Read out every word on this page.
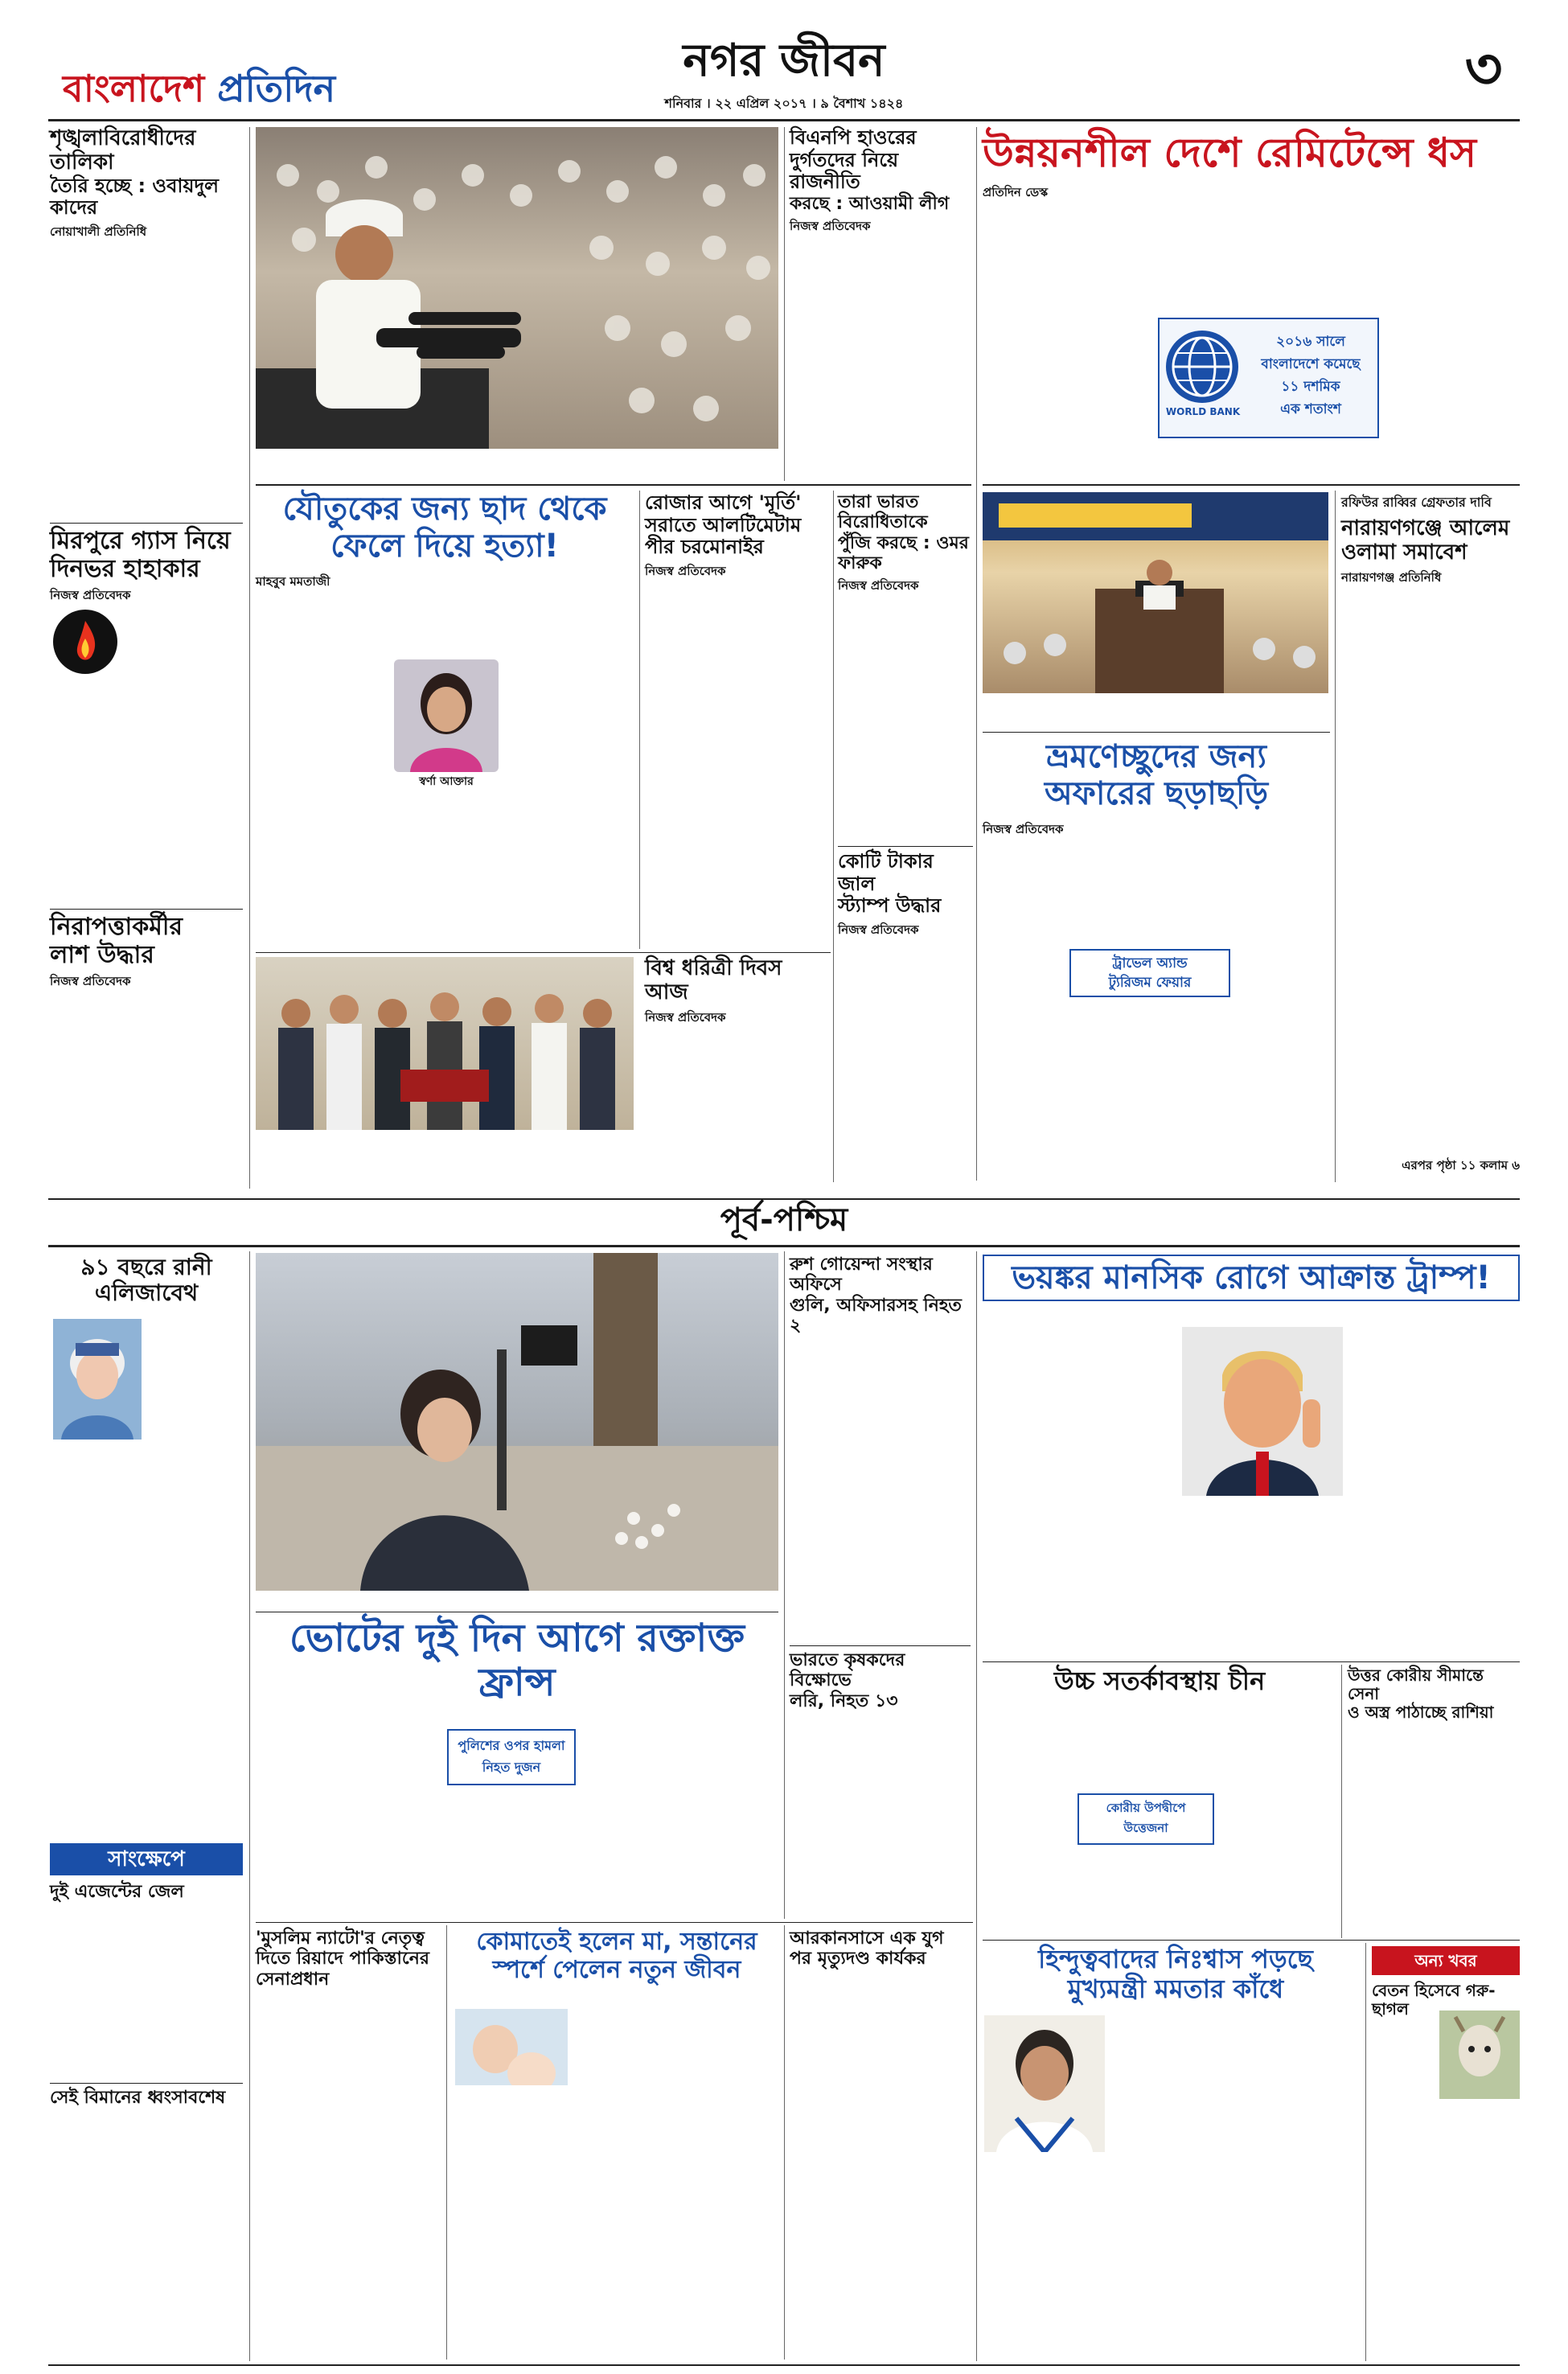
বাংলাদেশ প্রতিদিন
নগর জীবন
শনিবার । ২২ এপ্রিল ২০১৭ । ৯ বৈশাখ ১৪২৪
৩
শৃঙ্খলাবিরোধীদের তালিকা
তৈরি হচ্ছে : ওবায়দুল কাদের
নোয়াখালী প্রতিনিধি
মিরপুরে গ্যাস নিয়ে
দিনভর হাহাকার
নিজস্ব প্রতিবেদক
নিরাপত্তাকর্মীর
লাশ উদ্ধার
নিজস্ব প্রতিবেদক
বিএনপি হাওরের
দুর্গতদের নিয়ে রাজনীতি
করছে : আওয়ামী লীগ
নিজস্ব প্রতিবেদক
উন্নয়নশীল দেশে রেমিটেন্সে ধস
প্রতিদিন ডেস্ক
WORLD BANK
২০১৬ সালে
বাংলাদেশে কমেছে
১১ দশমিক
এক শতাংশ
যৌতুকের জন্য ছাদ থেকে
ফেলে দিয়ে হত্যা!
মাহবুব মমতাজী
স্বর্ণা আক্তার
রোজার আগে 'মূর্তি'
সরাতে আলটিমেটাম
পীর চরমোনাইর
নিজস্ব প্রতিবেদক
তারা ভারত বিরোধিতাকে
পুঁজি করছে : ওমর ফারুক
নিজস্ব প্রতিবেদক
কোটি টাকার জাল
স্ট্যাম্প উদ্ধার
নিজস্ব প্রতিবেদক
রফিউর রাব্বির গ্রেফতার দাবি
নারায়ণগঞ্জে আলেম
ওলামা সমাবেশ
নারায়ণগঞ্জ প্রতিনিধি
এরপর পৃষ্ঠা ১১ কলাম ৬
ভ্রমণেচ্ছুদের জন্য
অফারের ছড়াছড়ি
নিজস্ব প্রতিবেদক
ট্রাভেল অ্যান্ড
ট্যুরিজম ফেয়ার
বিশ্ব ধরিত্রী দিবস আজ
নিজস্ব প্রতিবেদক
পূর্ব-পশ্চিম
৯১ বছরে রানী
এলিজাবেথ
সাংক্ষেপে
দুই এজেন্টের জেল
সেই বিমানের ধ্বংসাবশেষ
ভোটের দুই দিন আগে রক্তাক্ত ফ্রান্স
পুলিশের ওপর হামলা নিহত দুজন
রুশ গোয়েন্দা সংস্থার অফিসে
গুলি, অফিসারসহ নিহত ২
ভারতে কৃষকদের বিক্ষোভে
লরি, নিহত ১৩
ভয়ঙ্কর মানসিক রোগে আক্রান্ত ট্রাম্প!
উচ্চ সতর্কাবস্থায় চীন
কোরীয় উপদ্বীপে উত্তেজনা
উত্তর কোরীয় সীমান্তে সেনা
ও অস্ত্র পাঠাচ্ছে রাশিয়া
'মুসলিম ন্যাটো'র নেতৃত্ব
দিতে রিয়াদে পাকিস্তানের
সেনাপ্রধান
কোমাতেই হলেন মা, সন্তানের
স্পর্শে পেলেন নতুন জীবন
আরকানসাসে এক যুগ
পর মৃত্যুদণ্ড কার্যকর	হিন্দুত্ববাদের নিঃশ্বাস পড়ছে
মুখ্যমন্ত্রী মমতার কাঁধে
অন্য খবর
বেতন হিসেবে গরু-ছাগল
